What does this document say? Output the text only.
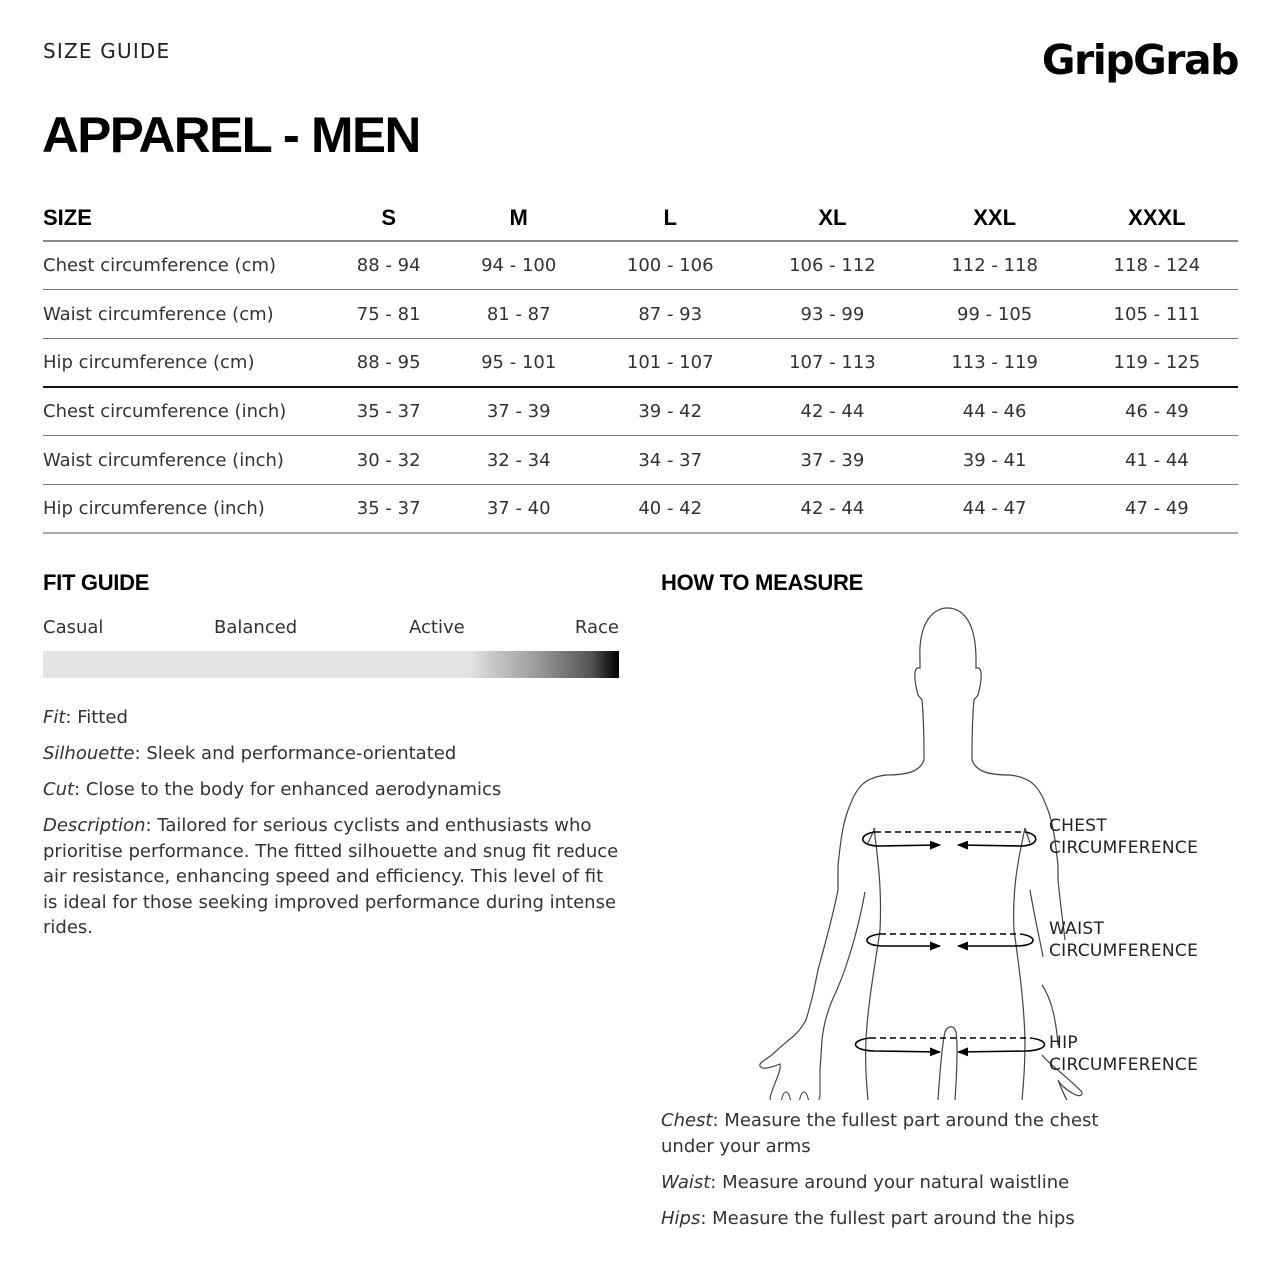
SIZE GUIDE	GripGrab
APPAREL - MEN
SIZE	S	M	L	XL	XXL	XXXL
Chest circumference (cm)	88 - 94	94 - 100	100 - 106	106 - 112	112 - 118	118 - 124
Waist circumference (cm)	75 - 81	81 - 87	87 - 93	93 - 99	99 - 105	105 - 111
Hip circumference (cm)	88 - 95	95 - 101	101 - 107	107 - 113	113 - 119	119 - 125
Chest circumference (inch)	35 - 37	37 - 39	39 - 42	42 - 44	44 - 46	46 - 49
Waist circumference (inch)	30 - 32	32 - 34	34 - 37	37 - 39	39 - 41	41 - 44
Hip circumference (inch)	35 - 37	37 - 40	40 - 42	42 - 44	44 - 47	47 - 49
FIT GUIDE
Casual	Balanced	Active	Race

Fit: Fitted

Silhouette: Sleek and performance-orientated

Cut: Close to the body for enhanced aerodynamics

Description: Tailored for serious cyclists and enthusiasts who prioritise performance. The fitted silhouette and snug fit reduce air resistance, enhancing speed and efficiency. This level of fit is ideal for those seeking improved performance during intense rides.

HOW TO MEASURE
CHEST
CIRCUMFERENCE
WAIST
CIRCUMFERENCE
HIP
CIRCUMFERENCE

Chest: Measure the fullest part around the chest under your arms

Waist: Measure around your natural waistline

Hips: Measure the fullest part around the hips
